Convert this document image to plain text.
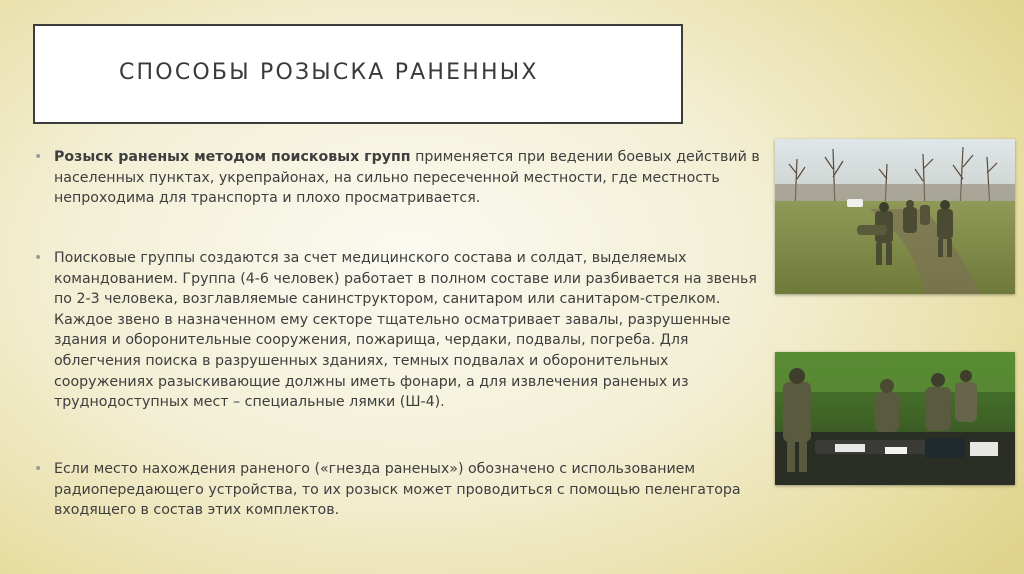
СПОСОБЫ РОЗЫСКА РАНЕННЫХ
• Розыск раненых методом поисковых групп применяется при ведении боевых действий в населенных пунктах, укрепрайонах, на сильно пересеченной местности, где местность непроходима для транспорта и плохо просматривается.
• Поисковые группы создаются за счет медицинского состава и солдат, выделяемых командованием. Группа (4-6 человек) работает в полном составе или разбивается на звенья по 2-3 человека, возглавляемые санинструктором, санитаром или санитаром-стрелком. Каждое звено в назначенном ему секторе тщательно осматривает завалы, разрушенные здания и оборонительные сооружения, пожарища, чердаки, подвалы, погреба. Для облегчения поиска в разрушенных зданиях, темных подвалах и оборонительных сооружениях разыскивающие должны иметь фонари, а для извлечения раненых из труднодоступных мест – специальные лямки (Ш-4).
• Если место нахождения раненого («гнезда раненых») обозначено с использованием радиопередающего устройства, то их розыск может проводиться с помощью пеленгатора входящего в состав этих комплектов.
